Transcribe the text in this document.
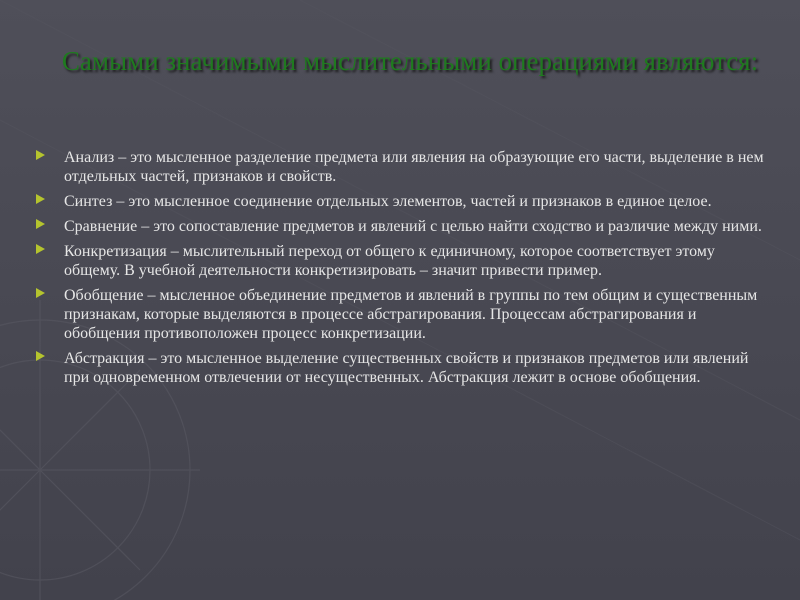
Самыми значимыми мыслительными операциями являются:
Анализ – это мысленное разделение предмета или явления на образующие его части, выделение в нем отдельных частей, признаков и свойств.
Синтез – это мысленное соединение отдельных элементов, частей и признаков в единое целое.
Сравнение – это сопоставление предметов и явлений с целью найти сходство и различие между ними.
Конкретизация – мыслительный переход от общего к единичному, которое соответствует этому общему. В учебной деятельности конкретизировать – значит привести пример.
Обобщение – мысленное объединение предметов и явлений в группы по тем общим и существенным признакам, которые выделяются в процессе абстрагирования. Процессам абстрагирования и обобщения противоположен процесс конкретизации.
Абстракция – это мысленное выделение существенных свойств и признаков предметов или явлений при одновременном отвлечении от несущественных. Абстракция лежит в основе обобщения.
